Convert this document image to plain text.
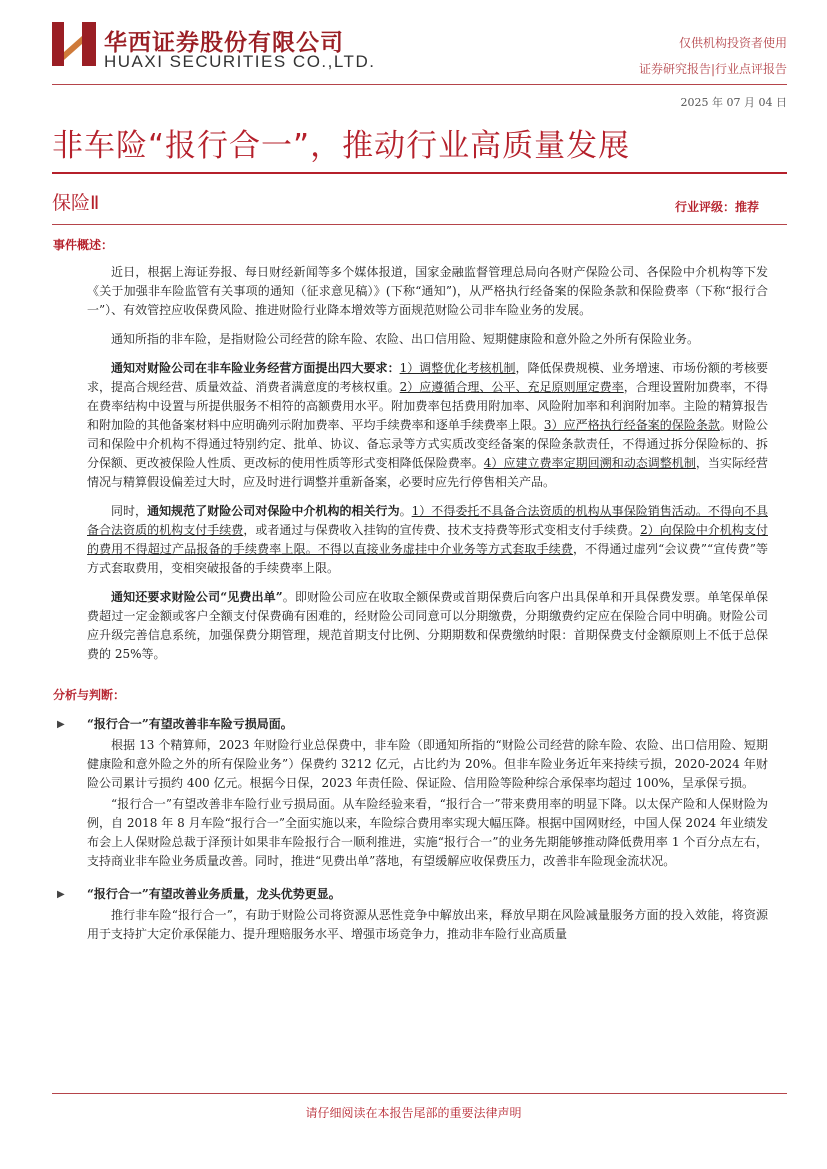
华西证券股份有限公司
HUAXI SECURITIES CO.,LTD.
仅供机构投资者使用
证券研究报告|行业点评报告
2025 年 07 月 04 日
非车险“报行合一”，推动行业高质量发展
保险Ⅱ	行业评级：推荐

事件概述：

近日，根据上海证券报、每日财经新闻等多个媒体报道，国家金融监督管理总局向各财产保险公司、各保险中介机构等下发《关于加强非车险监管有关事项的通知（征求意见稿）》(下称“通知”)，从严格执行经备案的保险条款和保险费率（下称“报行合一”）、有效管控应收保费风险、推进财险行业降本增效等方面规范财险公司非车险业务的发展。

通知所指的非车险，是指财险公司经营的除车险、农险、出口信用险、短期健康险和意外险之外所有保险业务。

通知对财险公司在非车险业务经营方面提出四大要求：1）调整优化考核机制，降低保费规模、业务增速、市场份额的考核要求，提高合规经营、质量效益、消费者满意度的考核权重。2）应遵循合理、公平、充足原则厘定费率，合理设置附加费率，不得在费率结构中设置与所提供服务不相符的高额费用水平。附加费率包括费用附加率、风险附加率和利润附加率。主险的精算报告和附加险的其他备案材料中应明确列示附加费率、平均手续费率和逐单手续费率上限。3）应严格执行经备案的保险条款。财险公司和保险中介机构不得通过特别约定、批单、协议、备忘录等方式实质改变经备案的保险条款责任，不得通过拆分保险标的、拆分保额、更改被保险人性质、更改标的使用性质等形式变相降低保险费率。4）应建立费率定期回溯和动态调整机制，当实际经营情况与精算假设偏差过大时，应及时进行调整并重新备案，必要时应先行停售相关产品。

同时，通知规范了财险公司对保险中介机构的相关行为。1）不得委托不具备合法资质的机构从事保险销售活动。不得向不具备合法资质的机构支付手续费，或者通过与保费收入挂钩的宣传费、技术支持费等形式变相支付手续费。2）向保险中介机构支付的费用不得超过产品报备的手续费率上限。不得以直接业务虚挂中介业务等方式套取手续费，不得通过虚列“会议费”“宣传费”等方式套取费用，变相突破报备的手续费率上限。

通知还要求财险公司“见费出单”。即财险公司应在收取全额保费或首期保费后向客户出具保单和开具保费发票。单笔保单保费超过一定金额或客户全额支付保费确有困难的，经财险公司同意可以分期缴费，分期缴费约定应在保险合同中明确。财险公司应升级完善信息系统，加强保费分期管理，规范首期支付比例、分期期数和保费缴纳时限：首期保费支付金额原则上不低于总保费的 25%等。

分析与判断：

▶ “报行合一”有望改善非车险亏损局面。

根据 13 个精算师，2023 年财险行业总保费中，非车险（即通知所指的“财险公司经营的除车险、农险、出口信用险、短期健康险和意外险之外的所有保险业务”）保费约 3212 亿元，占比约为 20%。但非车险业务近年来持续亏损，2020-2024 年财险公司累计亏损约 400 亿元。根据今日保，2023 年责任险、保证险、信用险等险种综合承保率均超过 100%，呈承保亏损。

“报行合一”有望改善非车险行业亏损局面。从车险经验来看，“报行合一”带来费用率的明显下降。以太保产险和人保财险为例，自 2018 年 8 月车险“报行合一”全面实施以来，车险综合费用率实现大幅压降。根据中国网财经，中国人保 2024 年业绩发布会上人保财险总裁于泽预计如果非车险报行合一顺利推进，实施“报行合一”的业务先期能够推动降低费用率 1 个百分点左右，支持商业非车险业务质量改善。同时，推进“见费出单”落地，有望缓解应收保费压力，改善非车险现金流状况。

▶ “报行合一”有望改善业务质量，龙头优势更显。

推行非车险“报行合一”，有助于财险公司将资源从恶性竞争中解放出来，释放早期在风险减量服务方面的投入效能，将资源用于支持扩大定价承保能力、提升理赔服务水平、增强市场竞争力，推动非车险行业高质量

请仔细阅读在本报告尾部的重要法律声明
